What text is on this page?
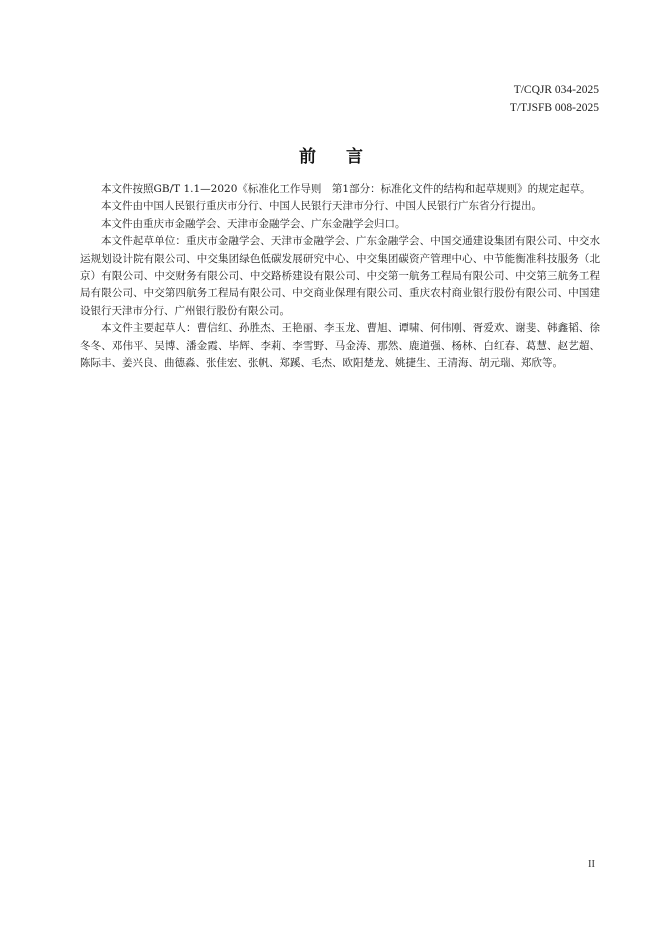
T/CQJR 034-2025
T/TJSFB 008-2025
前言

本文件按照GB/T 1.1—2020《标准化工作导则　第1部分：标准化文件的结构和起草规则》的规定起草。

本文件由中国人民银行重庆市分行、中国人民银行天津市分行、中国人民银行广东省分行提出。

本文件由重庆市金融学会、天津市金融学会、广东金融学会归口。

本文件起草单位：重庆市金融学会、天津市金融学会、广东金融学会、中国交通建设集团有限公司、中交水运规划设计院有限公司、中交集团绿色低碳发展研究中心、中交集团碳资产管理中心、中节能衡准科技服务（北京）有限公司、中交财务有限公司、中交路桥建设有限公司、中交第一航务工程局有限公司、中交第三航务工程局有限公司、中交第四航务工程局有限公司、中交商业保理有限公司、重庆农村商业银行股份有限公司、中国建设银行天津市分行、广州银行股份有限公司。

本文件主要起草人：曹信红、孙胜杰、王艳丽、李玉龙、曹旭、谭啸、何伟刚、胥爱欢、谢斐、韩鑫韬、徐冬冬、邓伟平、吴博、潘金霞、毕辉、李莉、李雪野、马金涛、那然、鹿道强、杨林、白红春、葛慧、赵艺超、陈际丰、姜兴良、曲德淼、张佳宏、张帆、郑蹊、毛杰、欧阳楚龙、姚捷生、王清海、胡元瑞、郑欣等。

II
